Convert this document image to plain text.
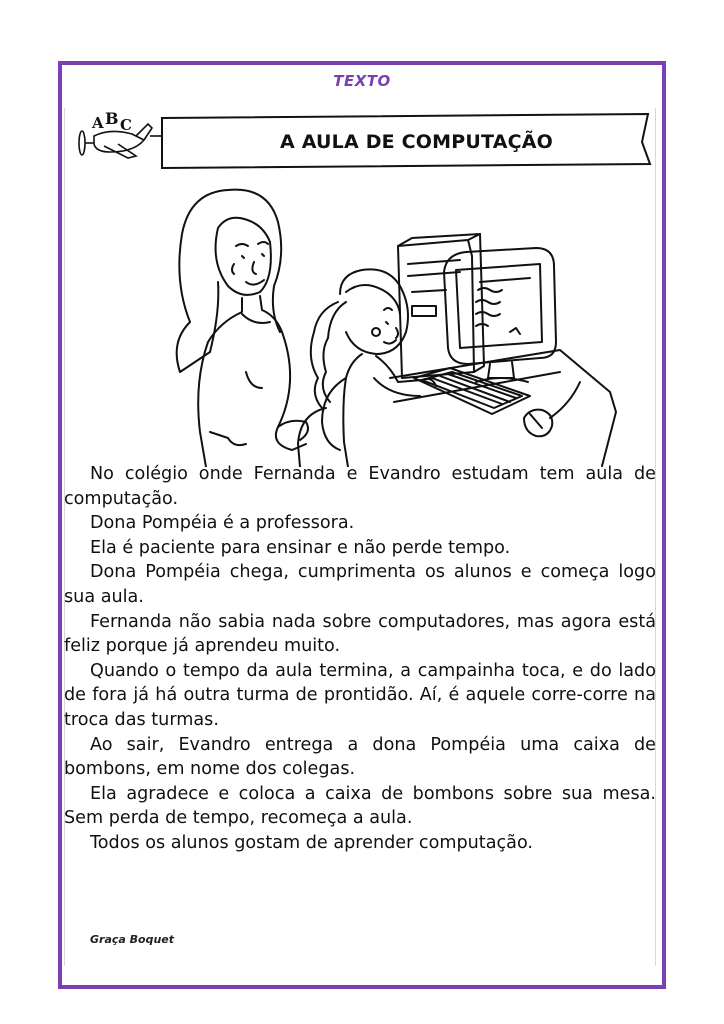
TEXTO
A B C
A AULA DE COMPUTAÇÃO

No colégio onde Fernanda e Evandro estudam tem aula de computação.

Dona Pompéia é a professora.

Ela é paciente para ensinar e não perde tempo.

Dona Pompéia chega, cumprimenta os alunos e começa logo sua aula.

Fernanda não sabia nada sobre computadores, mas agora está feliz porque já aprendeu muito.

Quando o tempo da aula termina, a campainha toca, e do lado de fora já há outra turma de prontidão. Aí, é aquele corre-corre na troca das turmas.

Ao sair, Evandro entrega a dona Pompéia uma caixa de bombons, em nome dos colegas.

Ela agradece e coloca a caixa de bombons sobre sua mesa. Sem perda de tempo, recomeça a aula.

Todos os alunos gostam de aprender computação.

Graça Boquet
